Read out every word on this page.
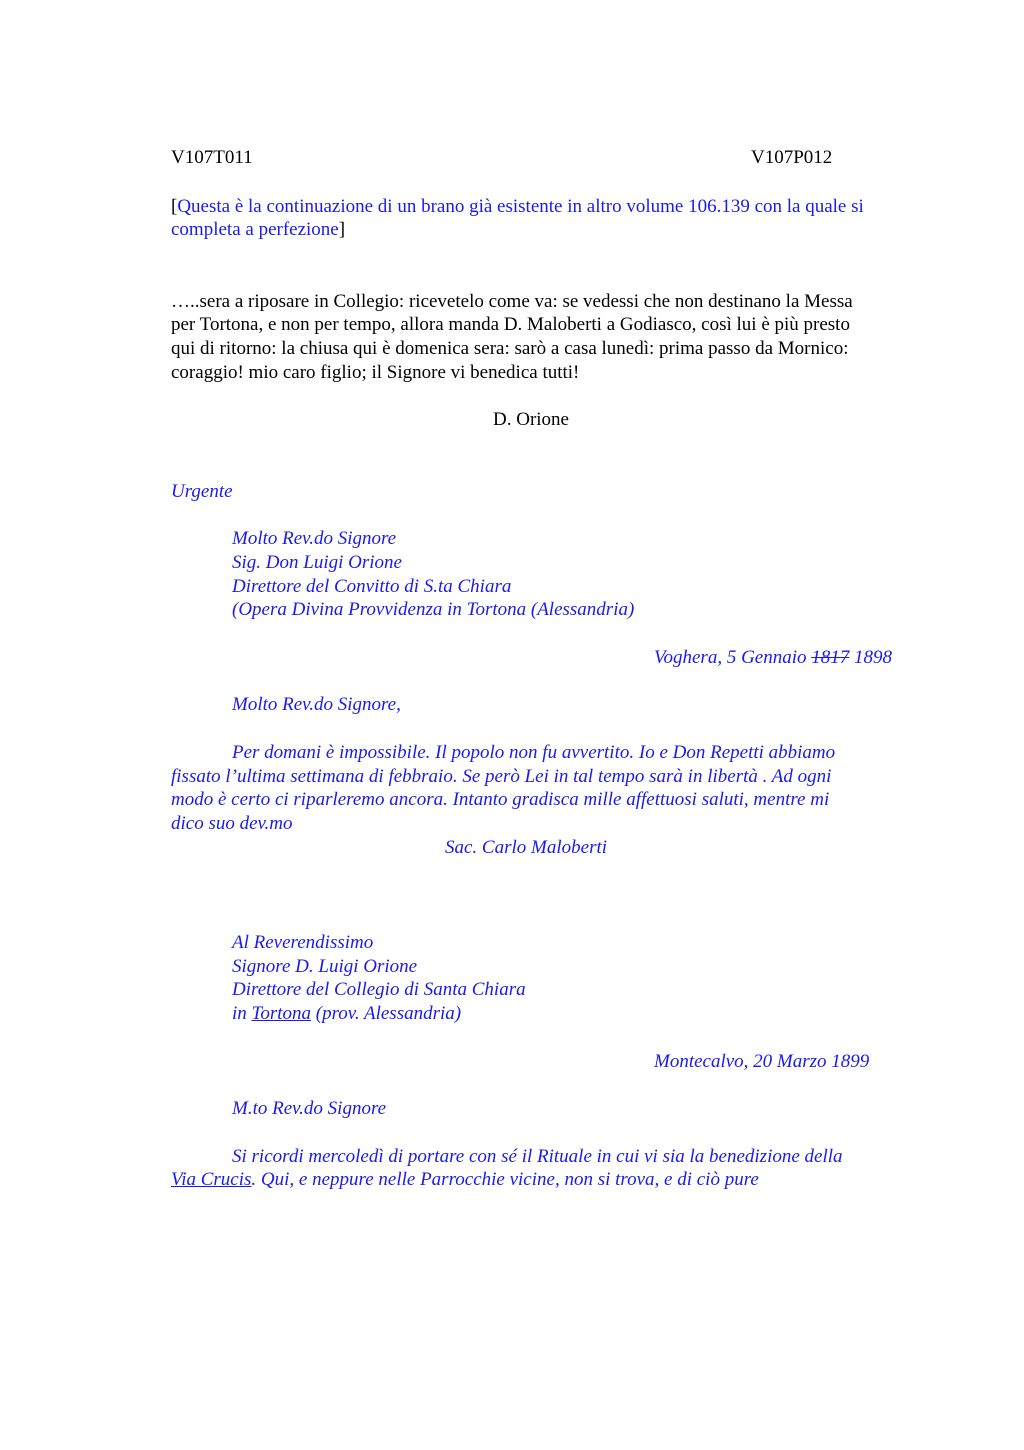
V107T011	V107P012
[Questa è la continuazione di un brano già esistente in altro volume 106.139 con la quale si
completa a perfezione]
…..sera a riposare in Collegio: ricevetelo come va: se vedessi che non destinano la Messa
per Tortona, e non per tempo, allora manda D. Maloberti a Godiasco, così lui è più presto
qui di ritorno: la chiusa qui è domenica sera: sarò a casa lunedì: prima passo da Mornico:
coraggio! mio caro figlio; il Signore vi benedica tutti!
D. Orione
Urgente
Molto Rev.do Signore
Sig. Don Luigi Orione
Direttore del Convitto di S.ta Chiara
(Opera Divina Provvidenza in Tortona (Alessandria)
Voghera, 5 Gennaio 1817 1898
Molto Rev.do Signore,
Per domani è impossibile. Il popolo non fu avvertito. Io e Don Repetti abbiamo
fissato l’ultima settimana di febbraio. Se però Lei in tal tempo sarà in libertà . Ad ogni
modo è certo ci riparleremo ancora. Intanto gradisca mille affettuosi saluti, mentre mi
dico suo dev.mo
Sac. Carlo Maloberti
Al Reverendissimo
Signore D. Luigi Orione
Direttore del Collegio di Santa Chiara
in Tortona (prov. Alessandria)
Montecalvo, 20 Marzo 1899
M.to Rev.do Signore
Si ricordi mercoledì di portare con sé il Rituale in cui vi sia la benedizione della
Via Crucis. Qui, e neppure nelle Parrocchie vicine, non si trova, e di ciò pure
